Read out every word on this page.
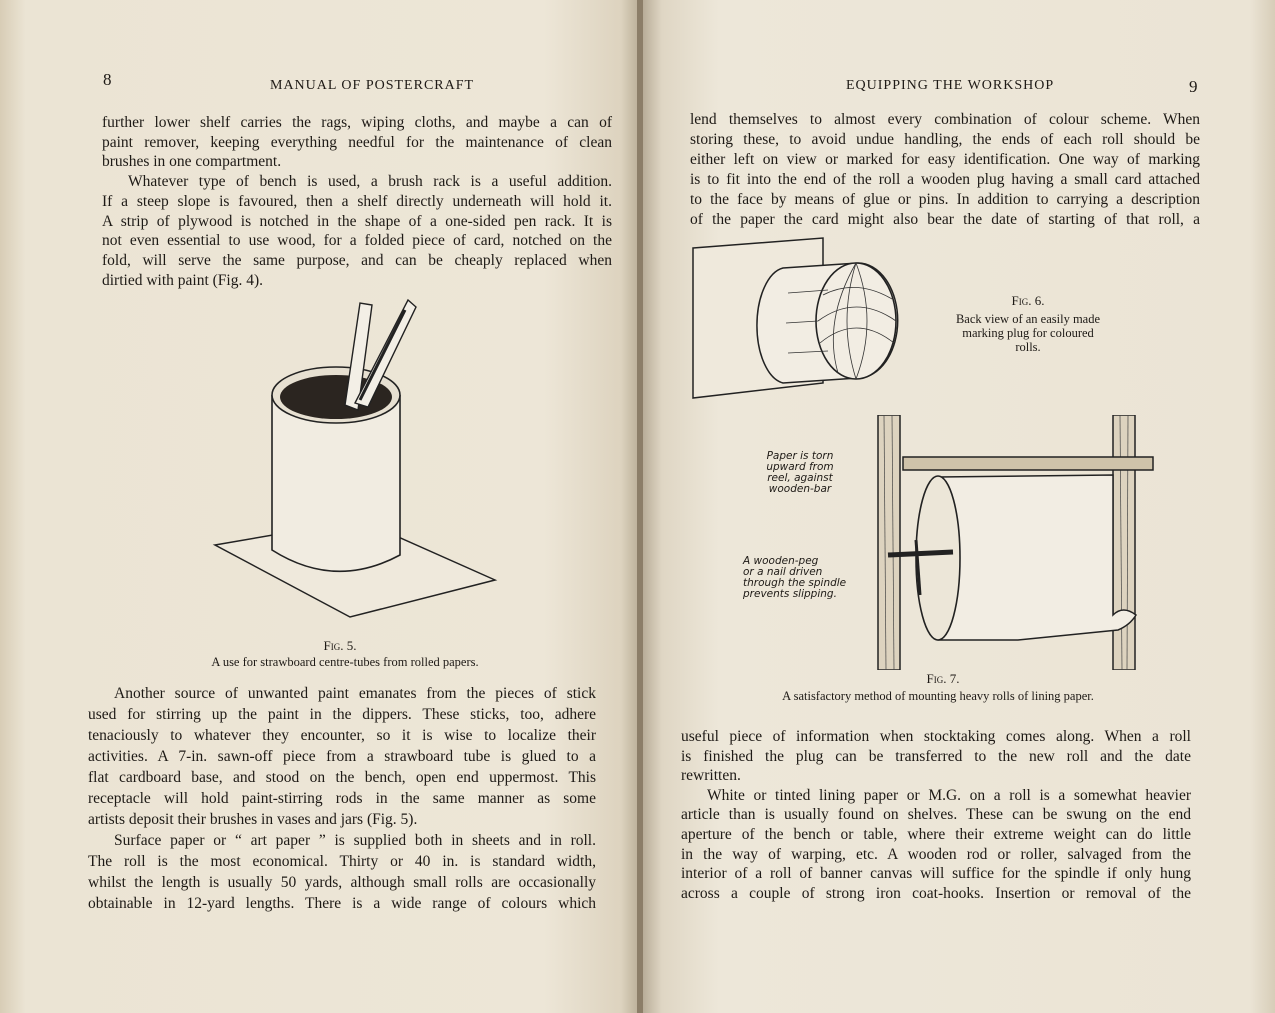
8	MANUAL OF POSTERCRAFT
further lower shelf carries the rags, wiping cloths, and maybe a can of
paint remover, keeping everything needful for the maintenance of clean
brushes in one compartment.
Whatever type of bench is used, a brush rack is a useful addition.
If a steep slope is favoured, then a shelf directly underneath will hold it.
A strip of plywood is notched in the shape of a one-sided pen rack. It is
not even essential to use wood, for a folded piece of card, notched on the
fold, will serve the same purpose, and can be cheaply replaced when
dirtied with paint (Fig. 4).
Fig. 5.
A use for strawboard centre-tubes from rolled papers.
Another source of unwanted paint emanates from the pieces of stick
used for stirring up the paint in the dippers. These sticks, too, adhere
tenaciously to whatever they encounter, so it is wise to localize their
activities. A 7-in. sawn-off piece from a strawboard tube is glued to a
flat cardboard base, and stood on the bench, open end uppermost. This
receptacle will hold paint-stirring rods in the same manner as some
artists deposit their brushes in vases and jars (Fig. 5).
Surface paper or “ art paper ” is supplied both in sheets and in roll.
The roll is the most economical. Thirty or 40 in. is standard width,
whilst the length is usually 50 yards, although small rolls are occasionally
obtainable in 12-yard lengths. There is a wide range of colours which
EQUIPPING THE WORKSHOP	9
lend themselves to almost every combination of colour scheme. When
storing these, to avoid undue handling, the ends of each roll should be
either left on view or marked for easy identification. One way of marking
is to fit into the end of the roll a wooden plug having a small card attached
to the face by means of glue or pins. In addition to carrying a description
of the paper the card might also bear the date of starting of that roll, a
Fig. 6.
Back view of an easily made
marking plug for coloured
rolls.
Paper is torn
upward from
reel, against
wooden-bar
A wooden-peg
or a nail driven
through the spindle
prevents slipping.
Fig. 7.
A satisfactory method of mounting heavy rolls of lining paper.
useful piece of information when stocktaking comes along. When a roll
is finished the plug can be transferred to the new roll and the date
rewritten.
White or tinted lining paper or M.G. on a roll is a somewhat heavier
article than is usually found on shelves. These can be swung on the end
aperture of the bench or table, where their extreme weight can do little
in the way of warping, etc. A wooden rod or roller, salvaged from the
interior of a roll of banner canvas will suffice for the spindle if only hung
across a couple of strong iron coat-hooks. Insertion or removal of the
